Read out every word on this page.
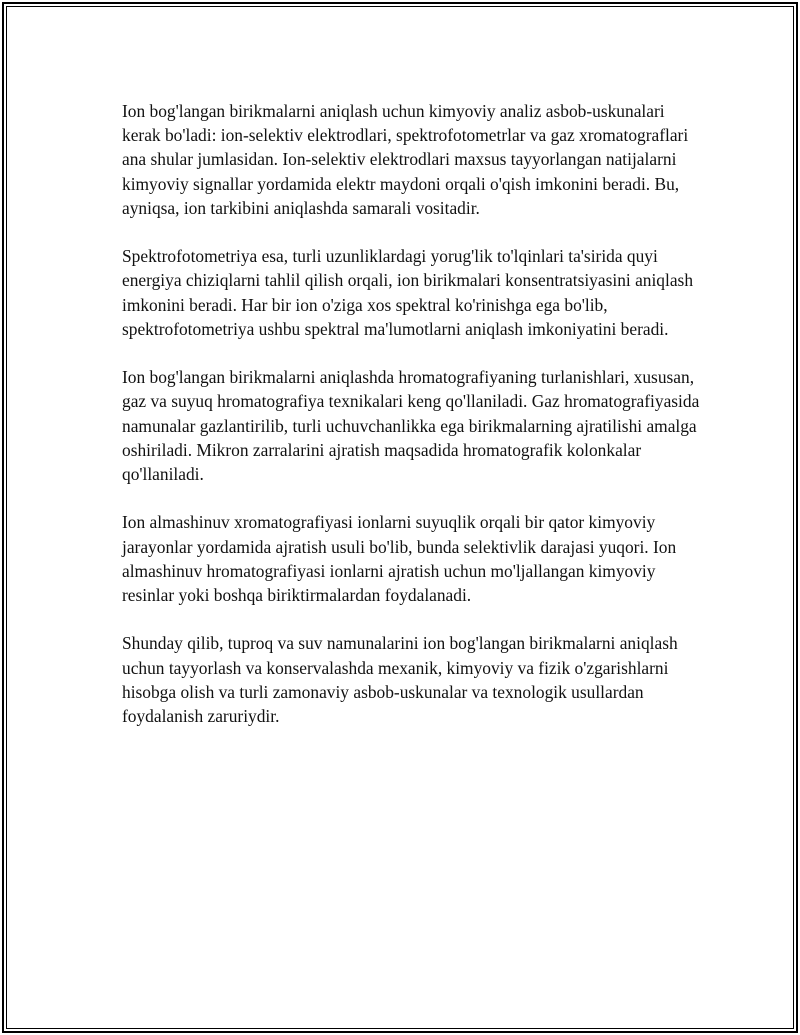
Ion bog'langan birikmalarni aniqlash uchun kimyoviy analiz asbob-uskunalari kerak bo'ladi: ion-selektiv elektrodlari, spektrofotometrlar va gaz xromatograflari ana shular jumlasidan. Ion-selektiv elektrodlari maxsus tayyorlangan natijalarni kimyoviy signallar yordamida elektr maydoni orqali o'qish imkonini beradi. Bu, ayniqsa, ion tarkibini aniqlashda samarali vositadir.

Spektrofotometriya esa, turli uzunliklardagi yorug'lik to'lqinlari ta'sirida quyi energiya chiziqlarni tahlil qilish orqali, ion birikmalari konsentratsiyasini aniqlash imkonini beradi. Har bir ion o'ziga xos spektral ko'rinishga ega bo'lib, spektrofotometriya ushbu spektral ma'lumotlarni aniqlash imkoniyatini beradi.

Ion bog'langan birikmalarni aniqlashda hromatografiyaning turlanishlari, xususan, gaz va suyuq hromatografiya texnikalari keng qo'llaniladi. Gaz hromatografiyasida namunalar gazlantirilib, turli uchuvchanlikka ega birikmalarning ajratilishi amalga oshiriladi. Mikron zarralarini ajratish maqsadida hromatografik kolonkalar qo'llaniladi.

Ion almashinuv xromatografiyasi ionlarni suyuqlik orqali bir qator kimyoviy jarayonlar yordamida ajratish usuli bo'lib, bunda selektivlik darajasi yuqori. Ion almashinuv hromatografiyasi ionlarni ajratish uchun mo'ljallangan kimyoviy resinlar yoki boshqa biriktirmalardan foydalanadi.

Shunday qilib, tuproq va suv namunalarini ion bog'langan birikmalarni aniqlash uchun tayyorlash va konservalashda mexanik, kimyoviy va fizik o'zgarishlarni hisobga olish va turli zamonaviy asbob-uskunalar va texnologik usullardan foydalanish zaruriydir.
